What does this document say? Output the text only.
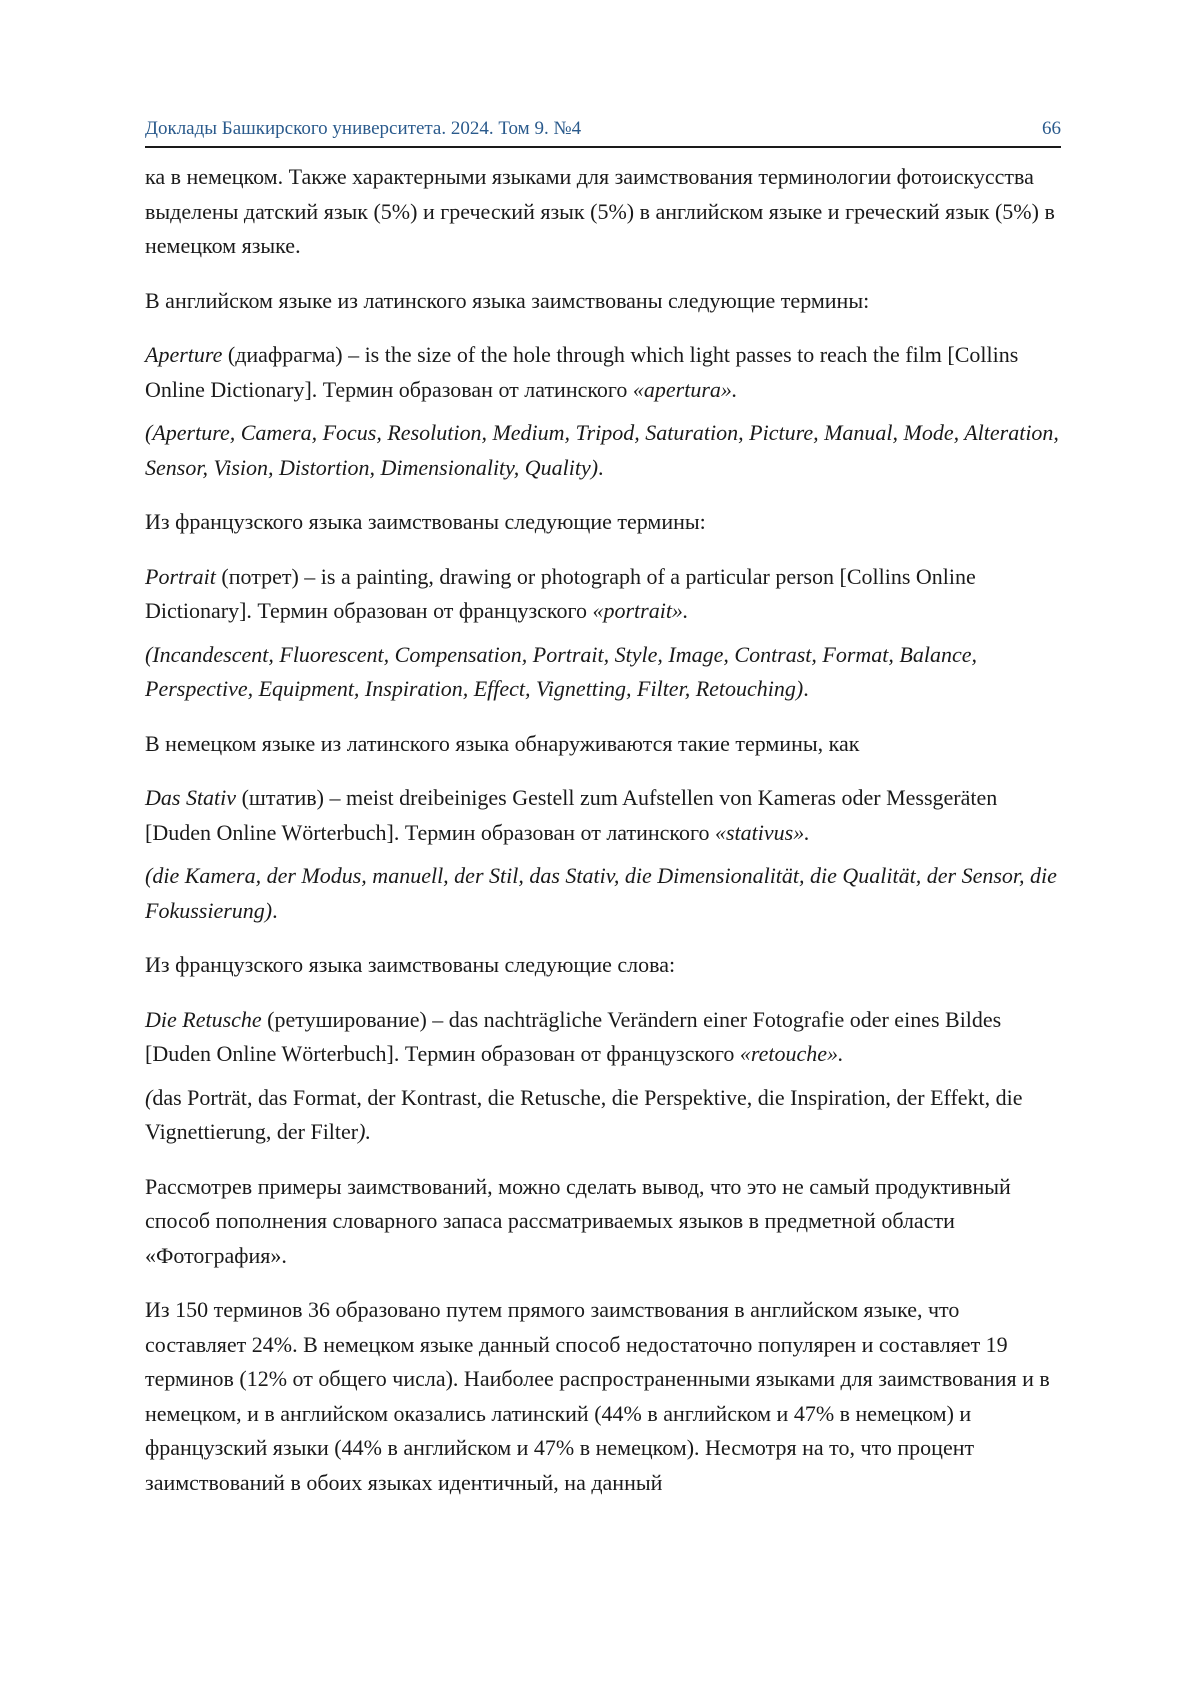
Доклады Башкирского университета. 2024. Том 9. №4	66

ка в немецком. Также характерными языками для заимствования терминологии фотоискусства выделены датский язык (5%) и греческий язык (5%) в английском языке и греческий язык (5%) в немецком языке.

В английском языке из латинского языка заимствованы следующие термины:

Aperture (диафрагма) – is the size of the hole through which light passes to reach the film [Collins Online Dictionary]. Термин образован от латинского «apertura».

(Aperture, Camera, Focus, Resolution, Medium, Tripod, Saturation, Picture, Manual, Mode, Alteration, Sensor, Vision, Distortion, Dimensionality, Quality).

Из французского языка заимствованы следующие термины:

Portrait (потрет) – is a painting, drawing or photograph of a particular person [Collins Online Dictionary]. Термин образован от французского «portrait».

(Incandescent, Fluorescent, Compensation, Portrait, Style, Image, Contrast, Format, Balance, Perspective, Equipment, Inspiration, Effect, Vignetting, Filter, Retouching).

В немецком языке из латинского языка обнаруживаются такие термины, как

Das Stativ (штатив) – meist dreibeiniges Gestell zum Aufstellen von Kameras oder Messgeräten [Duden Online Wörterbuch]. Термин образован от латинского «stativus».

(die Kamera, der Modus, manuell, der Stil, das Stativ, die Dimensionalität, die Qualität, der Sensor, die Fokussierung).

Из французского языка заимствованы следующие слова:

Die Retusche (ретуширование) – das nachträgliche Verändern einer Fotografie oder eines Bildes [Duden Online Wörterbuch]. Термин образован от французского «retouche».

(das Porträt, das Format, der Kontrast, die Retusche, die Perspektive, die Inspiration, der Effekt, die Vignettierung, der Filter).

Рассмотрев примеры заимствований, можно сделать вывод, что это не самый продуктивный способ пополнения словарного запаса рассматриваемых языков в предметной области «Фотография».

Из 150 терминов 36 образовано путем прямого заимствования в английском языке, что составляет 24%. В немецком языке данный способ недостаточно популярен и составляет 19 терминов (12% от общего числа). Наиболее распространенными языками для заимствования и в немецком, и в английском оказались латинский (44% в английском и 47% в немецком) и французский языки (44% в английском и 47% в немецком). Несмотря на то, что процент заимствований в обоих языках идентичный, на данный
